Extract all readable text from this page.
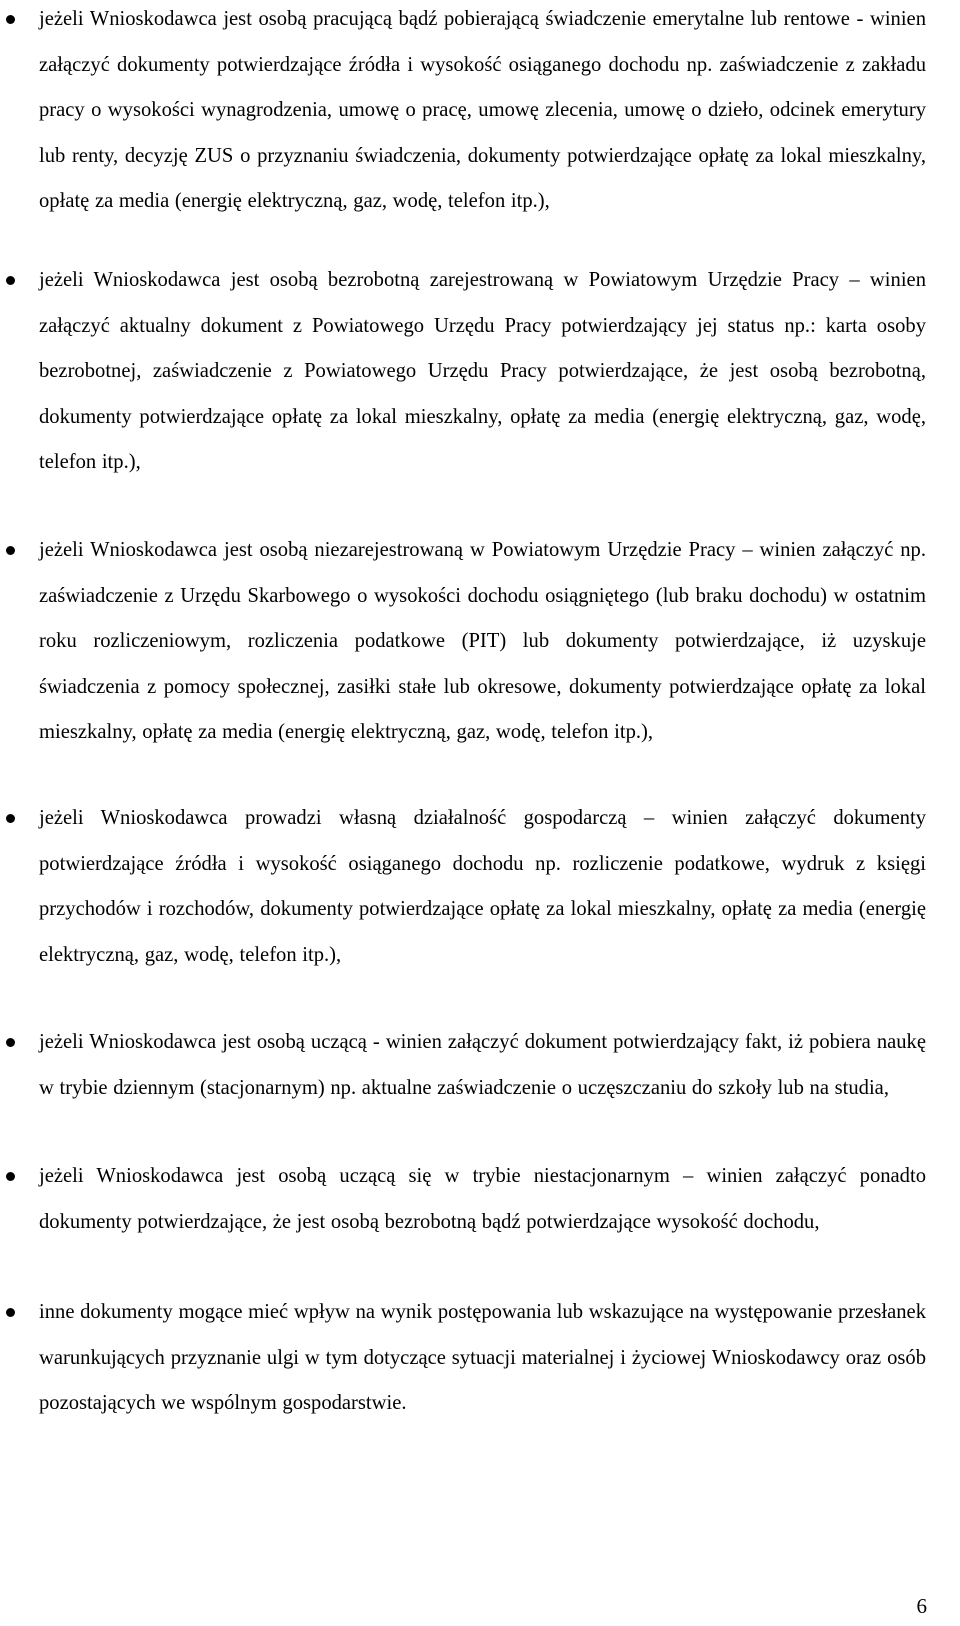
jeżeli Wnioskodawca jest osobą pracującą bądź pobierającą świadczenie emerytalne lub rentowe - winien załączyć dokumenty potwierdzające źródła i wysokość osiąganego dochodu np. zaświadczenie z zakładu pracy o wysokości wynagrodzenia, umowę o pracę, umowę zlecenia, umowę o dzieło, odcinek emerytury lub renty, decyzję ZUS o przyznaniu świadczenia, dokumenty potwierdzające opłatę za lokal mieszkalny, opłatę za media (energię elektryczną, gaz, wodę, telefon itp.),
jeżeli Wnioskodawca jest osobą bezrobotną zarejestrowaną w Powiatowym Urzędzie Pracy – winien załączyć aktualny dokument z Powiatowego Urzędu Pracy potwierdzający jej status np.: karta osoby bezrobotnej, zaświadczenie z Powiatowego Urzędu Pracy potwierdzające, że jest osobą bezrobotną, dokumenty potwierdzające opłatę za lokal mieszkalny, opłatę za media (energię elektryczną, gaz, wodę, telefon itp.),
jeżeli Wnioskodawca jest osobą niezarejestrowaną w Powiatowym Urzędzie Pracy – winien załączyć np. zaświadczenie z Urzędu Skarbowego o wysokości dochodu osiągniętego (lub braku dochodu) w ostatnim roku rozliczeniowym, rozliczenia podatkowe (PIT) lub dokumenty potwierdzające, iż uzyskuje świadczenia z pomocy społecznej, zasiłki stałe lub okresowe, dokumenty potwierdzające opłatę za lokal mieszkalny, opłatę za media (energię elektryczną, gaz, wodę, telefon itp.),
jeżeli Wnioskodawca prowadzi własną działalność gospodarczą – winien załączyć dokumenty potwierdzające źródła i wysokość osiąganego dochodu np. rozliczenie podatkowe, wydruk z księgi przychodów i rozchodów, dokumenty potwierdzające opłatę za lokal mieszkalny, opłatę za media (energię elektryczną, gaz, wodę, telefon itp.),
jeżeli Wnioskodawca jest osobą uczącą - winien załączyć dokument potwierdzający fakt, iż pobiera naukę w trybie dziennym (stacjonarnym) np. aktualne zaświadczenie o uczęszczaniu do szkoły lub na studia,
jeżeli Wnioskodawca jest osobą uczącą się w trybie niestacjonarnym – winien załączyć ponadto dokumenty potwierdzające, że jest osobą bezrobotną bądź potwierdzające wysokość dochodu,
inne dokumenty mogące mieć wpływ na wynik postępowania lub wskazujące na występowanie przesłanek warunkujących przyznanie ulgi w tym dotyczące sytuacji materialnej i życiowej Wnioskodawcy oraz osób pozostających we wspólnym gospodarstwie.
6
